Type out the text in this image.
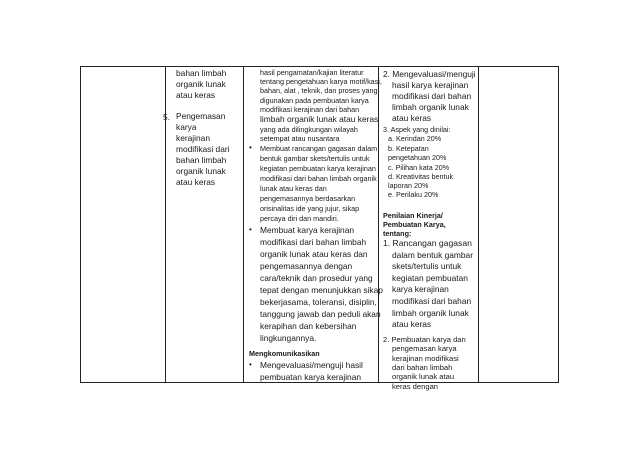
bahan limbah
organik lunak
atau keras
5. Pengemasan
karya
kerajinan
modifikasi dari
bahan limbah
organik lunak
atau keras
hasil pengamatan/kajian literatur
tentang pengetahuan karya motif/kasi,
bahan, alat , teknik, dan proses yang
digunakan pada pembuatan karya
modifikasi kerajinan dari bahan
limbah organik lunak atau keras
yang ada dilingkungan wilayah
setempat atau nusantara
• Membuat rancangan gagasan dalam
bentuk gambar skets/tertulis untuk
kegiatan pembuatan karya kerajinan
modifikasi dari bahan limbah organik
lunak atau keras dan
pengemasannya berdasarkan
orisinalitas ide yang jujur, sikap
percaya diri dan mandiri.
• Membuat karya kerajinan
modifikasi dari bahan limbah
organik lunak atau keras dan
pengemasannya dengan
cara/teknik dan prosedur yang
tepat dengan menunjukkan sikap
bekerjasama, toleransi, disiplin,
tanggung jawab dan peduli akan
kerapihan dan kebersihan
lingkungannya.
Mengkomunikasikan
• Mengevaluasi/menguji hasil
pembuatan karya kerajinan
2. Mengevaluasi/menguji
hasil karya kerajinan
modifikasi dari bahan
limbah organik lunak
atau keras
3. Aspek yang dinilai:
a. Kerindan 20%
b. Ketepatan
pengetahuan 20%
c. Pilihan kata 20%
d. Kreativitas bentuk
laporan 20%
e. Perilaku 20%
Penilaian Kinerja/
Pembuatan Karya,
tentang:
1. Rancangan gagasan
dalam bentuk gambar
skets/tertulis untuk
kegiatan pembuatan
karya kerajinan
modifikasi dari bahan
limbah organik lunak
atau keras
2. Pembuatan karya dan
pengemasan karya
kerajinan modifikasi
dari bahan limbah
organik lunak atau
keras dengan
